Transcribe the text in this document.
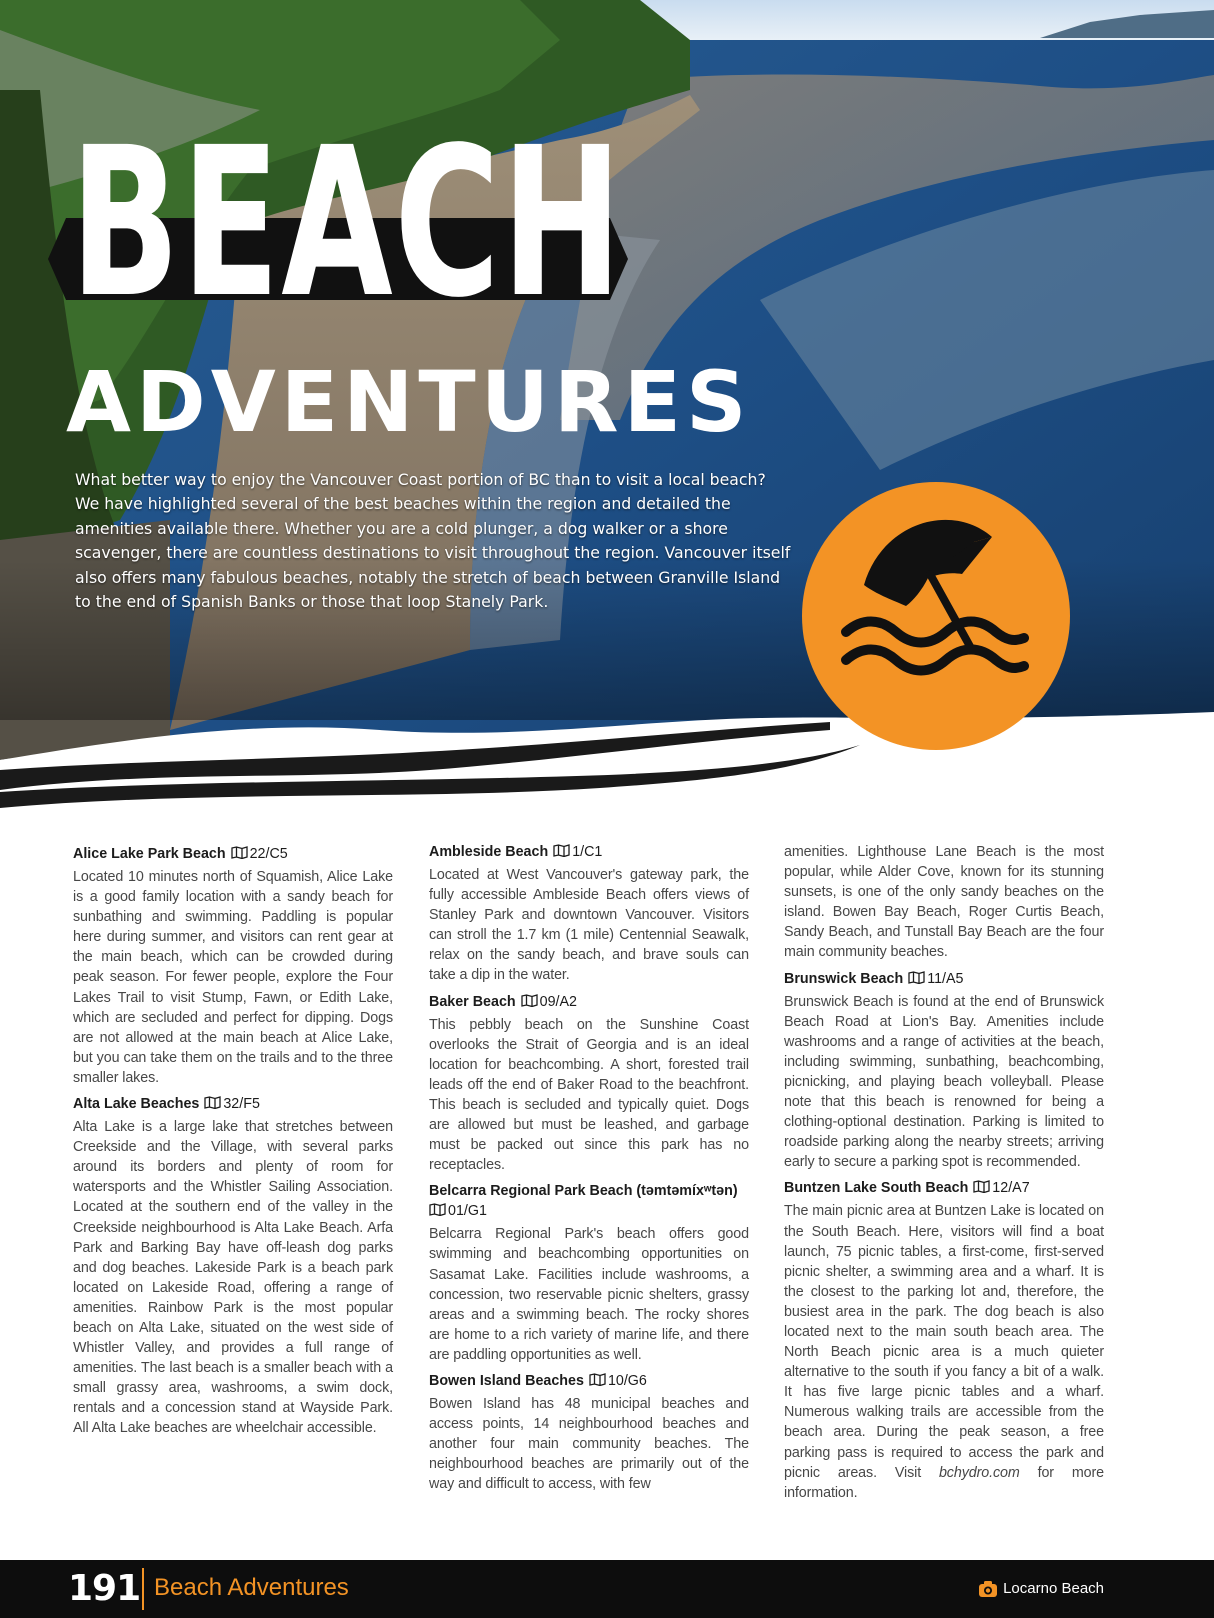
BEACH
ADVENTURES

What better way to enjoy the Vancouver Coast portion of BC than to visit a local beach? We have highlighted several of the best beaches within the region and detailed the amenities available there. Whether you are a cold plunger, a dog walker or a shore scavenger, there are countless destinations to visit throughout the region. Vancouver itself also offers many fabulous beaches, notably the stretch of beach between Granville Island to the end of Spanish Banks or those that loop Stanely Park.

Alice Lake Park Beach 22/C5

Located 10 minutes north of Squamish, Alice Lake is a good family location with a sandy beach for sunbathing and swimming. Paddling is popular here during summer, and visitors can rent gear at the main beach, which can be crowded during peak season. For fewer people, explore the Four Lakes Trail to visit Stump, Fawn, or Edith Lake, which are secluded and perfect for dipping. Dogs are not allowed at the main beach at Alice Lake, but you can take them on the trails and to the three smaller lakes.

Alta Lake Beaches 32/F5

Alta Lake is a large lake that stretches between Creekside and the Village, with several parks around its borders and plenty of room for watersports and the Whistler Sailing Association. Located at the southern end of the valley in the Creekside neighbourhood is Alta Lake Beach. Arfa Park and Barking Bay have off-leash dog parks and dog beaches. Lakeside Park is a beach park located on Lakeside Road, offering a range of amenities. Rainbow Park is the most popular beach on Alta Lake, situated on the west side of Whistler Valley, and provides a full range of amenities. The last beach is a smaller beach with a small grassy area, washrooms, a swim dock, rentals and a concession stand at Wayside Park. All Alta Lake beaches are wheelchair accessible.

Ambleside Beach 1/C1

Located at West Vancouver's gateway park, the fully accessible Ambleside Beach offers views of Stanley Park and downtown Vancouver. Visitors can stroll the 1.7 km (1 mile) Centennial Seawalk, relax on the sandy beach, and brave souls can take a dip in the water.

Baker Beach 09/A2

This pebbly beach on the Sunshine Coast overlooks the Strait of Georgia and is an ideal location for beachcombing. A short, forested trail leads off the end of Baker Road to the beachfront. This beach is secluded and typically quiet. Dogs are allowed but must be leashed, and garbage must be packed out since this park has no receptacles.

Belcarra Regional Park Beach (təmtəmíxʷtən)
01/G1

Belcarra Regional Park's beach offers good swimming and beachcombing opportunities on Sasamat Lake. Facilities include washrooms, a concession, two reservable picnic shelters, grassy areas and a swimming beach. The rocky shores are home to a rich variety of marine life, and there are paddling opportunities as well.

Bowen Island Beaches 10/G6

Bowen Island has 48 municipal beaches and access points, 14 neighbourhood beaches and another four main community beaches. The neighbourhood beaches are primarily out of the way and difficult to access, with few

amenities. Lighthouse Lane Beach is the most popular, while Alder Cove, known for its stunning sunsets, is one of the only sandy beaches on the island. Bowen Bay Beach, Roger Curtis Beach, Sandy Beach, and Tunstall Bay Beach are the four main community beaches.

Brunswick Beach 11/A5

Brunswick Beach is found at the end of Brunswick Beach Road at Lion's Bay. Amenities include washrooms and a range of activities at the beach, including swimming, sunbathing, beachcombing, picnicking, and playing beach volleyball. Please note that this beach is renowned for being a clothing-optional destination. Parking is limited to roadside parking along the nearby streets; arriving early to secure a parking spot is recommended.

Buntzen Lake South Beach 12/A7

The main picnic area at Buntzen Lake is located on the South Beach. Here, visitors will find a boat launch, 75 picnic tables, a first-come, first-served picnic shelter, a swimming area and a wharf. It is the closest to the parking lot and, therefore, the busiest area in the park. The dog beach is also located next to the main south beach area. The North Beach picnic area is a much quieter alternative to the south if you fancy a bit of a walk. It has five large picnic tables and a wharf. Numerous walking trails are accessible from the beach area. During the peak season, a free parking pass is required to access the park and picnic areas. Visit bchydro.com for more information.

191 Beach Adventures	Locarno Beach
